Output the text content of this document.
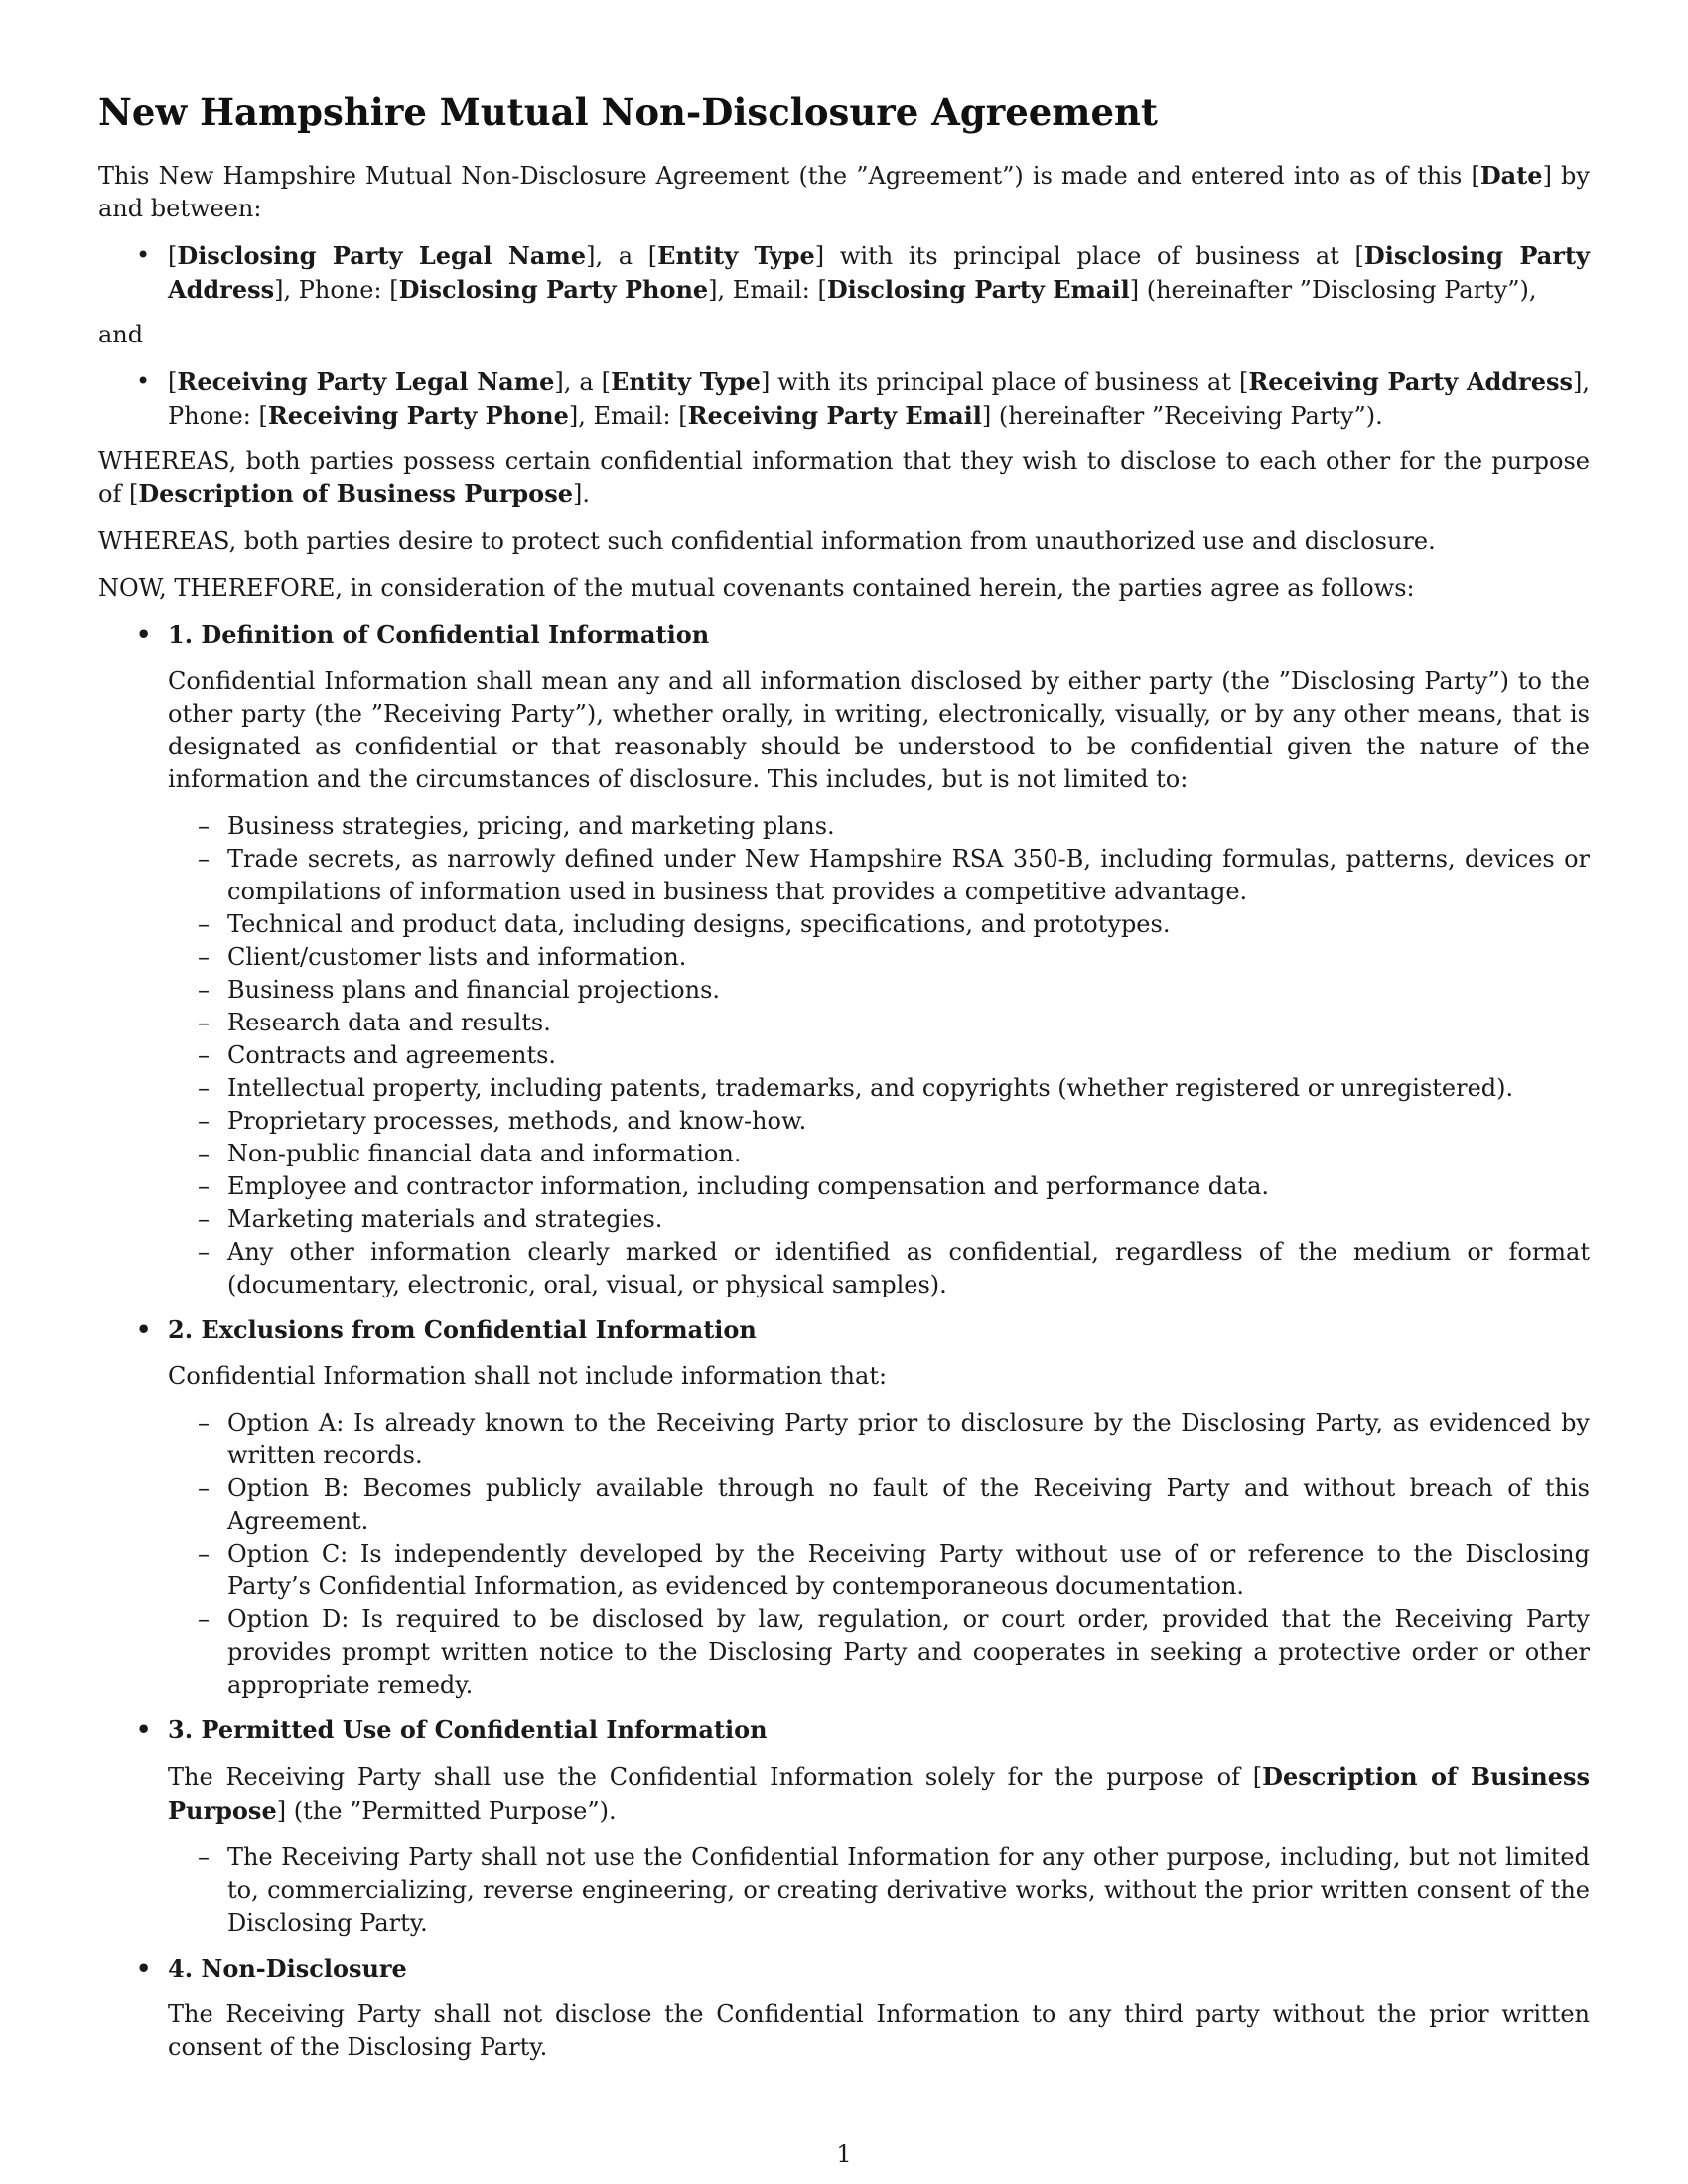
New Hampshire Mutual Non-Disclosure Agreement

This New Hampshire Mutual Non-Disclosure Agreement (the ”Agreement”) is made and entered into as of this [Date] by and between:

• [Disclosing Party Legal Name], a [Entity Type] with its principal place of business at [Disclosing Party Address], Phone: [Disclosing Party Phone], Email: [Disclosing Party Email] (hereinafter ”Disclosing Party”),

and

• [Receiving Party Legal Name], a [Entity Type] with its principal place of business at [Receiving Party Address], Phone: [Receiving Party Phone], Email: [Receiving Party Email] (hereinafter ”Receiving Party”).

WHEREAS, both parties possess certain confidential information that they wish to disclose to each other for the purpose of [Description of Business Purpose].

WHEREAS, both parties desire to protect such confidential information from unauthorized use and disclosure.

NOW, THEREFORE, in consideration of the mutual covenants contained herein, the parties agree as follows:

• 1. Definition of Confidential Information
Confidential Information shall mean any and all information disclosed by either party (the ”Disclosing Party”) to the other party (the ”Receiving Party”), whether orally, in writing, electronically, visually, or by any other means, that is designated as confidential or that reasonably should be understood to be confidential given the nature of the information and the circumstances of disclosure. This includes, but is not limited to:
– Business strategies, pricing, and marketing plans.
– Trade secrets, as narrowly defined under New Hampshire RSA 350-B, including formulas, patterns, devices or compilations of information used in business that provides a competitive advantage.
– Technical and product data, including designs, specifications, and prototypes.
– Client/customer lists and information.
– Business plans and financial projections.
– Research data and results.
– Contracts and agreements.
– Intellectual property, including patents, trademarks, and copyrights (whether registered or unregistered).
– Proprietary processes, methods, and know-how.
– Non-public financial data and information.
– Employee and contractor information, including compensation and performance data.
– Marketing materials and strategies.
– Any other information clearly marked or identified as confidential, regardless of the medium or format (documentary, electronic, oral, visual, or physical samples).
• 2. Exclusions from Confidential Information
Confidential Information shall not include information that:
– Option A: Is already known to the Receiving Party prior to disclosure by the Disclosing Party, as evidenced by written records.
– Option B: Becomes publicly available through no fault of the Receiving Party and without breach of this Agreement.
– Option C: Is independently developed by the Receiving Party without use of or reference to the Disclosing Party’s Confidential Information, as evidenced by contemporaneous documentation.
– Option D: Is required to be disclosed by law, regulation, or court order, provided that the Receiving Party provides prompt written notice to the Disclosing Party and cooperates in seeking a protective order or other appropriate remedy.
• 3. Permitted Use of Confidential Information
The Receiving Party shall use the Confidential Information solely for the purpose of [Description of Business Purpose] (the ”Permitted Purpose”).
– The Receiving Party shall not use the Confidential Information for any other purpose, including, but not limited to, commercializing, reverse engineering, or creating derivative works, without the prior written consent of the Disclosing Party.
• 4. Non-Disclosure
The Receiving Party shall not disclose the Confidential Information to any third party without the prior written consent of the Disclosing Party.
1
